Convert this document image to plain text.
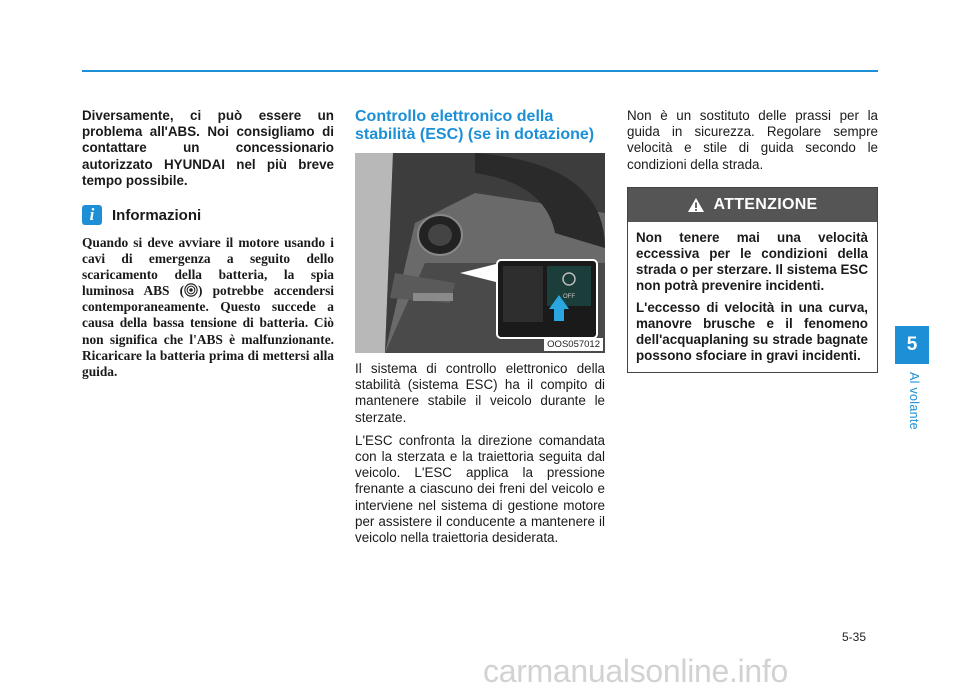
Diversamente, ci può essere un problema all'ABS. Noi consigliamo di contattare un concessionario autorizzato HYUNDAI nel più breve tempo possibile.

i	Informazioni

Quando si deve avviare il motore usando i cavi di emergenza a seguito dello scaricamento della batteria, la spia luminosa ABS ( ) potrebbe accendersi contemporaneamente. Questo succede a causa della bassa tensione di batteria. Ciò non significa che l'ABS è malfunzionante. Ricaricare la batteria prima di mettersi alla guida.

Controllo elettronico della stabilità (ESC) (se in dotazione)

OFF
OOS057012

Il sistema di controllo elettronico della stabilità (sistema ESC) ha il compito di mantenere stabile il veicolo durante le sterzate.

L'ESC confronta la direzione comandata con la sterzata e la traiettoria seguita dal veicolo. L'ESC applica la pressione frenante a ciascuno dei freni del veicolo e interviene nel sistema di gestione motore per assistere il conducente a mantenere il veicolo nella traiettoria desiderata.

Non è un sostituto delle prassi per la guida in sicurezza. Regolare sempre velocità e stile di guida secondo le condizioni della strada.

ATTENZIONE

Non tenere mai una velocità eccessiva per le condizioni della strada o per sterzare. Il sistema ESC non potrà prevenire incidenti.

L'eccesso di velocità in una curva, manovre brusche e il fenomeno dell'acquaplaning su strade bagnate possono sfociare in gravi incidenti.

5
Al volante
5-35
carmanualsonline.info
